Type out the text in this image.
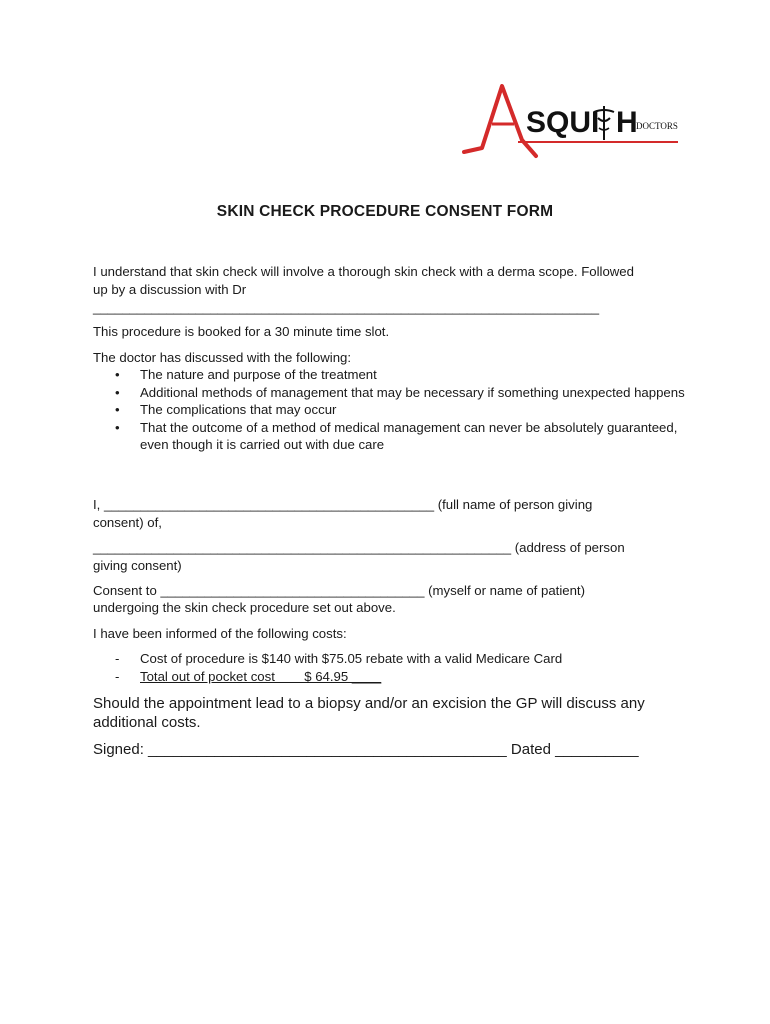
SQUI H
DOCTORS
SKIN CHECK PROCEDURE CONSENT FORM

I understand that skin check will involve a thorough skin check with a derma scope. Followed

up by a discussion with Dr

_____________________________________________________________________

This procedure is booked for a 30 minute time slot.

The doctor has discussed with the following:

• The nature and purpose of the treatment
• Additional methods of management that may be necessary if something unexpected happens
• The complications that may occur
• That the outcome of a method of medical management can never be absolutely guaranteed, even though it is carried out with due care

I, _____________________________________________ (full name of person giving

consent) of,

_________________________________________________________ (address of person

giving consent)

Consent to ____________________________________ (myself or name of patient)

undergoing the skin check procedure set out above.

I have been informed of the following costs:

- Cost of procedure is $140 with $75.05 rebate with a valid Medicare Card
- Total out of pocket cost        $ 64.95 ____

Should the appointment lead to a biopsy and/or an excision the GP will discuss any

additional costs.

Signed: ___________________________________________ Dated __________
